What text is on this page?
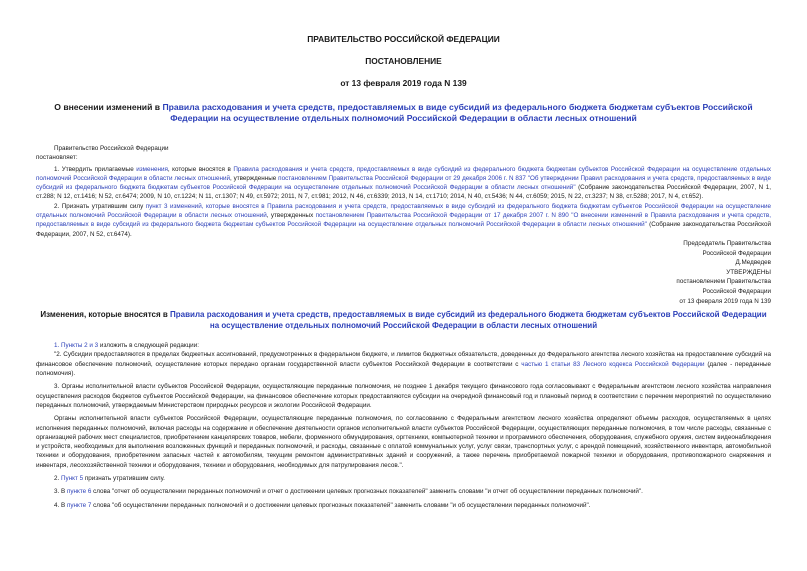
ПРАВИТЕЛЬСТВО РОССИЙСКОЙ ФЕДЕРАЦИИ
ПОСТАНОВЛЕНИЕ
от 13 февраля 2019 года N 139
О внесении изменений в Правила расходования и учета средств, предоставляемых в виде субсидий из федерального бюджета бюджетам субъектов Российской Федерации на осуществление отдельных полномочий Российской Федерации в области лесных отношений

Правительство Российской Федерации

постановляет:

1. Утвердить прилагаемые изменения, которые вносятся в Правила расходования и учета средств, предоставляемых в виде субсидий из федерального бюджета бюджетам субъектов Российской Федерации на осуществление отдельных полномочий Российской Федерации в области лесных отношений, утвержденные постановлением Правительства Российской Федерации от 29 декабря 2006 г. N 837 "Об утверждении Правил расходования и учета средств, предоставляемых в виде субсидий из федерального бюджета бюджетам субъектов Российской Федерации на осуществление отдельных полномочий Российской Федерации в области лесных отношений" (Собрание законодательства Российской Федерации, 2007, N 1, ст.288; N 12, ст.1416; N 52, ст.6474; 2009, N 10, ст.1224; N 11, ст.1307; N 49, ст.5972; 2011, N 7, ст.981; 2012, N 46, ст.6339; 2013, N 14, ст.1710; 2014, N 40, ст.5436; N 44, ст.6059; 2015, N 22, ст.3237; N 38, ст.5288; 2017, N 4, ст.652).

2. Признать утратившим силу пункт 3 изменений, которые вносятся в Правила расходования и учета средств, предоставляемых в виде субсидий из федерального бюджета бюджетам субъектов Российской Федерации на осуществление отдельных полномочий Российской Федерации в области лесных отношений, утвержденных постановлением Правительства Российской Федерации от 17 декабря 2007 г. N 890 "О внесении изменений в Правила расходования и учета средств, предоставляемых в виде субсидий из федерального бюджета бюджетам субъектов Российской Федерации на осуществление отдельных полномочий Российской Федерации в области лесных отношений" (Собрание законодательства Российской Федерации, 2007, N 52, ст.6474).

Председатель Правительства
Российской Федерации
Д.Медведев
УТВЕРЖДЕНЫ
постановлением Правительства
Российской Федерации
от 13 февраля 2019 года N 139
Изменения, которые вносятся в Правила расходования и учета средств, предоставляемых в виде субсидий из федерального бюджета бюджетам субъектов Российской Федерации на осуществление отдельных полномочий Российской Федерации в области лесных отношений

1. Пункты 2 и 3 изложить в следующей редакции:

"2. Субсидии предоставляются в пределах бюджетных ассигнований, предусмотренных в федеральном бюджете, и лимитов бюджетных обязательств, доведенных до Федерального агентства лесного хозяйства на предоставление субсидий на финансовое обеспечение полномочий, осуществление которых передано органам государственной власти субъектов Российской Федерации в соответствии с частью 1 статьи 83 Лесного кодекса Российской Федерации (далее - переданные полномочия).

3. Органы исполнительной власти субъектов Российской Федерации, осуществляющие переданные полномочия, не позднее 1 декабря текущего финансового года согласовывают с Федеральным агентством лесного хозяйства направления осуществления расходов бюджетов субъектов Российской Федерации, на финансовое обеспечение которых предоставляются субсидии на очередной финансовый год и плановый период в соответствии с перечнем мероприятий по осуществлению переданных полномочий, утверждаемым Министерством природных ресурсов и экологии Российской Федерации.

Органы исполнительной власти субъектов Российской Федерации, осуществляющие переданные полномочия, по согласованию с Федеральным агентством лесного хозяйства определяют объемы расходов, осуществляемых в целях исполнения переданных полномочий, включая расходы на содержание и обеспечение деятельности органов исполнительной власти субъектов Российской Федерации, осуществляющих переданные полномочия, в том числе расходы, связанные с организацией рабочих мест специалистов, приобретением канцелярских товаров, мебели, форменного обмундирования, оргтехники, компьютерной техники и программного обеспечения, оборудования, служебного оружия, систем видеонаблюдения и устройств, необходимых для выполнения возложенных функций и переданных полномочий, и расходы, связанные с оплатой коммунальных услуг, услуг связи, транспортных услуг, с арендой помещений, хозяйственного инвентаря, автомобильной техники и оборудования, приобретением запасных частей к автомобилям, текущим ремонтом административных зданий и сооружений, а также перечень приобретаемой пожарной техники и оборудования, противопожарного снаряжения и инвентаря, лесохозяйственной техники и оборудования, техники и оборудования, необходимых для патрулирования лесов.".

2. Пункт 5 признать утратившим силу.

3. В пункте 6 слова "отчет об осуществлении переданных полномочий и отчет о достижении целевых прогнозных показателей" заменить словами "и отчет об осуществлении переданных полномочий".

4. В пункте 7 слова "об осуществлении переданных полномочий и о достижении целевых прогнозных показателей" заменить словами "и об осуществлении переданных полномочий".
